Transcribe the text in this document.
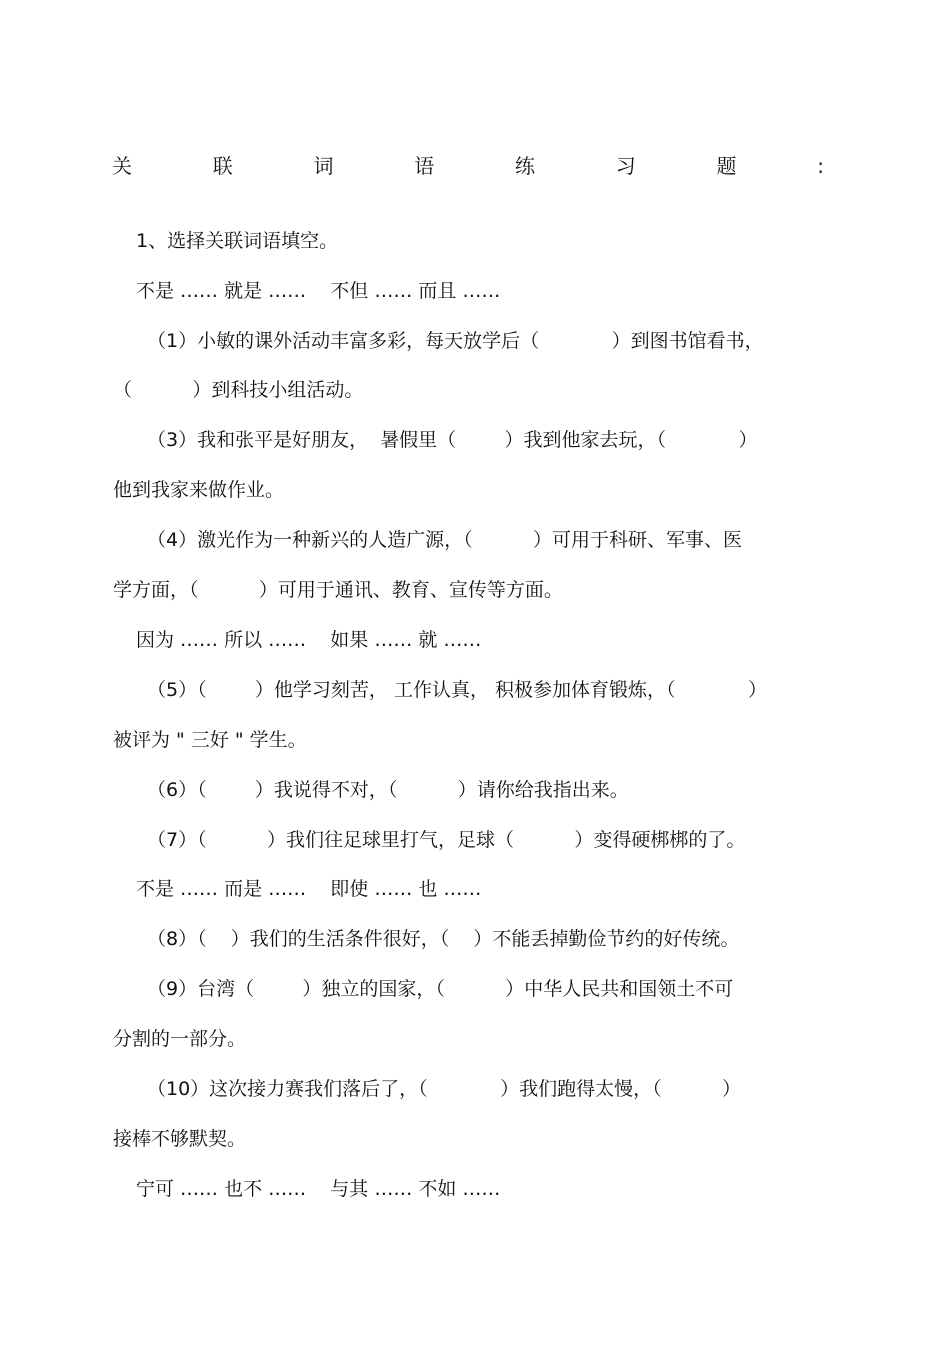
关	联	词	语	练	习	题	:
1、选择关联词语填空。
不是 …… 就是 ……    不但 …… 而且 ……
（1）小敏的课外活动丰富多彩，每天放学后（            ）到图书馆看书，
（          ）到科技小组活动。
（3）我和张平是好朋友，  暑假里（        ）我到他家去玩，（            ）
他到我家来做作业。
（4）激光作为一种新兴的人造广源，（          ）可用于科研、军事、医
学方面，（          ）可用于通讯、教育、宣传等方面。
因为 …… 所以 ……    如果 …… 就 ……
（5）（        ）他学习刻苦， 工作认真， 积极参加体育锻炼，（            ）
被评为 " 三好 " 学生。
（6）（        ）我说得不对，（          ）请你给我指出来。
（7）（          ）我们往足球里打气，足球（          ）变得硬梆梆的了。
不是 …… 而是 ……    即使 …… 也 ……
（8）（    ）我们的生活条件很好，（    ）不能丢掉勤俭节约的好传统。
（9）台湾（        ）独立的国家，（          ）中华人民共和国领土不可
分割的一部分。
（10）这次接力赛我们落后了，（            ）我们跑得太慢，（          ）
接棒不够默契。
宁可 …… 也不 ……    与其 …… 不如 ……
